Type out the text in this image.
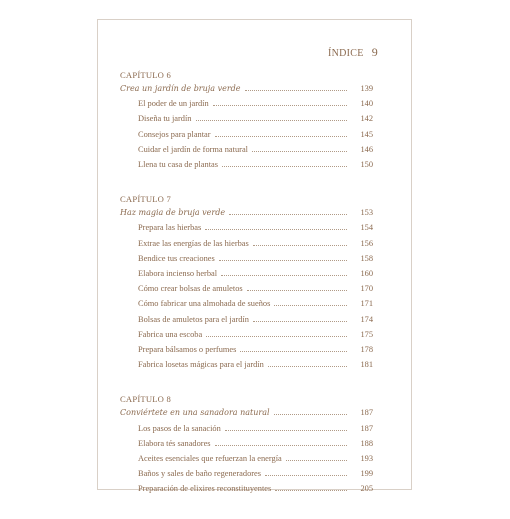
ÍNDICE 9
CAPÍTULO 6
Crea un jardín de bruja verde	139
El poder de un jardín	140
Diseña tu jardín	142
Consejos para plantar	145
Cuidar el jardín de forma natural	146
Llena tu casa de plantas	150
CAPÍTULO 7
Haz magia de bruja verde	153
Prepara las hierbas	154
Extrae las energías de las hierbas	156
Bendice tus creaciones	158
Elabora incienso herbal	160
Cómo crear bolsas de amuletos	170
Cómo fabricar una almohada de sueños	171
Bolsas de amuletos para el jardín	174
Fabrica una escoba	175
Prepara bálsamos o perfumes	178
Fabrica losetas mágicas para el jardín	181
CAPÍTULO 8
Conviértete en una sanadora natural	187
Los pasos de la sanación	187
Elabora tés sanadores	188
Aceites esenciales que refuerzan la energía	193
Baños y sales de baño regeneradores	199
Preparación de elixires reconstituyentes	205
